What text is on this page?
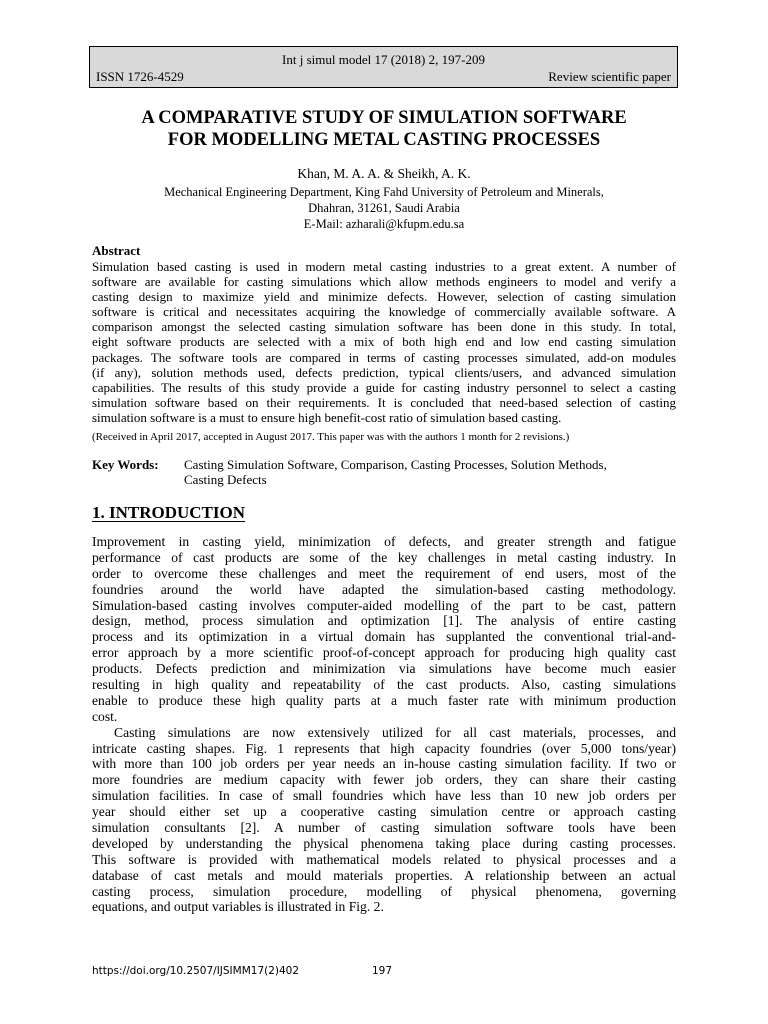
Int j simul model 17 (2018) 2, 197-209
ISSN 1726-4529	Review scientific paper
A COMPARATIVE STUDY OF SIMULATION SOFTWARE
FOR MODELLING METAL CASTING PROCESSES
Khan, M. A. A. & Sheikh, A. K.
Mechanical Engineering Department, King Fahd University of Petroleum and Minerals,
Dhahran, 31261, Saudi Arabia
E-Mail: azharali@kfupm.edu.sa
Abstract
Simulation based casting is used in modern metal casting industries to a great extent. A number of
software are available for casting simulations which allow methods engineers to model and verify a
casting design to maximize yield and minimize defects. However, selection of casting simulation
software is critical and necessitates acquiring the knowledge of commercially available software. A
comparison amongst the selected casting simulation software has been done in this study. In total,
eight software products are selected with a mix of both high end and low end casting simulation
packages. The software tools are compared in terms of casting processes simulated, add-on modules
(if any), solution methods used, defects prediction, typical clients/users, and advanced simulation
capabilities. The results of this study provide a guide for casting industry personnel to select a casting
simulation software based on their requirements. It is concluded that need-based selection of casting
simulation software is a must to ensure high benefit-cost ratio of simulation based casting.
(Received in April 2017, accepted in August 2017. This paper was with the authors 1 month for 2 revisions.)
Key Words: Casting Simulation Software, Comparison, Casting Processes, Solution Methods,
Casting Defects
1. INTRODUCTION
Improvement in casting yield, minimization of defects, and greater strength and fatigue
performance of cast products are some of the key challenges in metal casting industry. In
order to overcome these challenges and meet the requirement of end users, most of the
foundries around the world have adapted the simulation-based casting methodology.
Simulation-based casting involves computer-aided modelling of the part to be cast, pattern
design, method, process simulation and optimization [1]. The analysis of entire casting
process and its optimization in a virtual domain has supplanted the conventional trial-and-
error approach by a more scientific proof-of-concept approach for producing high quality cast
products. Defects prediction and minimization via simulations have become much easier
resulting in high quality and repeatability of the cast products. Also, casting simulations
enable to produce these high quality parts at a much faster rate with minimum production
cost.
Casting simulations are now extensively utilized for all cast materials, processes, and
intricate casting shapes. Fig. 1 represents that high capacity foundries (over 5,000 tons/year)
with more than 100 job orders per year needs an in-house casting simulation facility. If two or
more foundries are medium capacity with fewer job orders, they can share their casting
simulation facilities. In case of small foundries which have less than 10 new job orders per
year should either set up a cooperative casting simulation centre or approach casting
simulation consultants [2]. A number of casting simulation software tools have been
developed by understanding the physical phenomena taking place during casting processes.
This software is provided with mathematical models related to physical processes and a
database of cast metals and mould materials properties. A relationship between an actual
casting process, simulation procedure, modelling of physical phenomena, governing
equations, and output variables is illustrated in Fig. 2.
https://doi.org/10.2507/IJSIMM17(2)402	197
